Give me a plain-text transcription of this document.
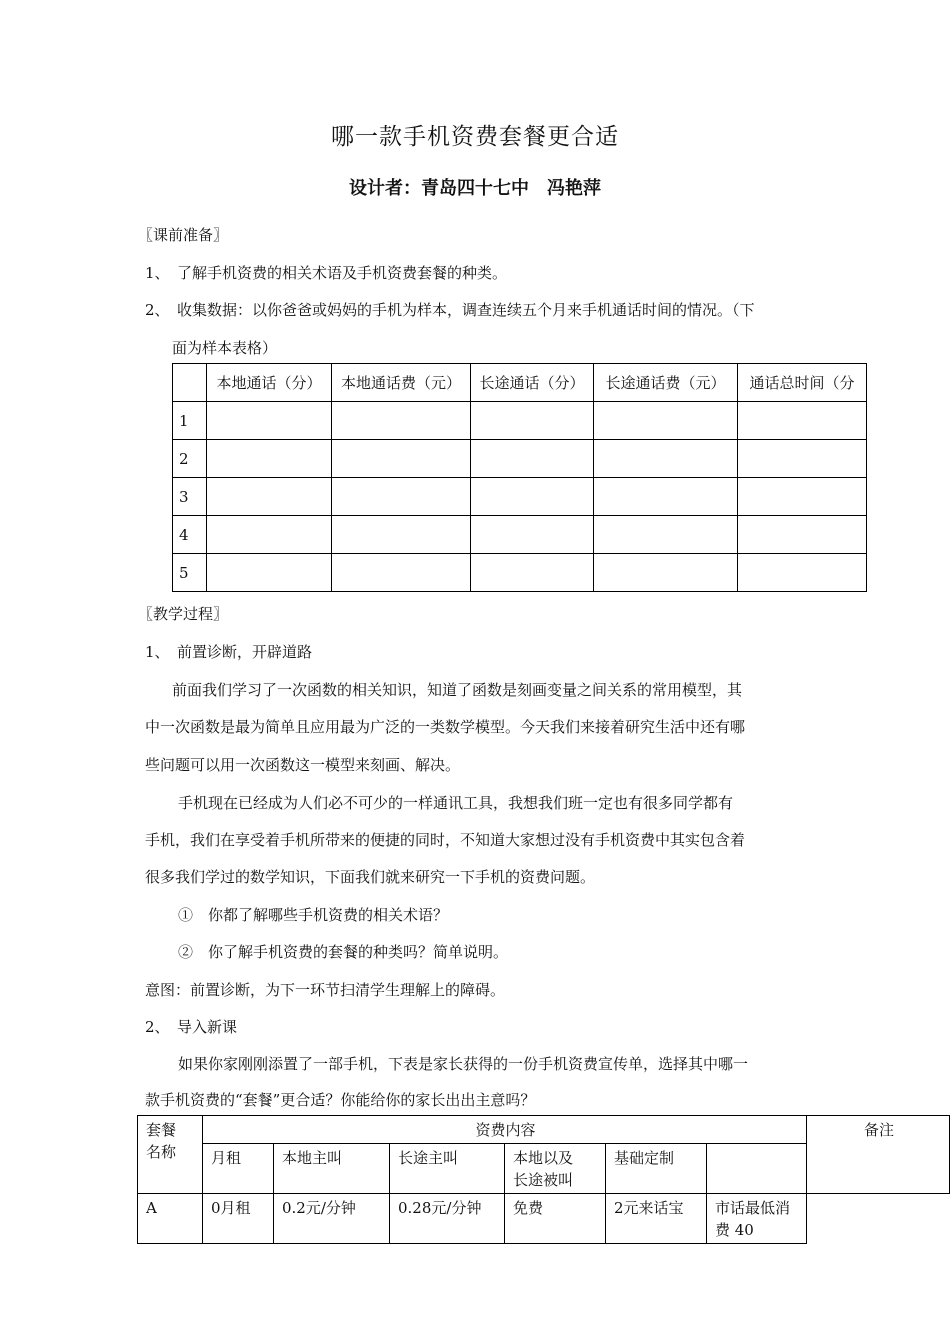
哪一款手机资费套餐更合适
设计者：青岛四十七中　冯艳萍
〖课前准备〗
1、　了解手机资费的相关术语及手机资费套餐的种类。
2、　收集数据：以你爸爸或妈妈的手机为样本，调查连续五个月来手机通话时间的情况。（下
面为样本表格）
	本地通话（分）	本地通话费（元）	长途通话（分）	长途通话费（元）	通话总时间（分
1					
2					
3					
4					
5					
〖教学过程〗
1、　前置诊断，开辟道路
前面我们学习了一次函数的相关知识，知道了函数是刻画变量之间关系的常用模型，其
中一次函数是最为简单且应用最为广泛的一类数学模型。今天我们来接着研究生活中还有哪
些问题可以用一次函数这一模型来刻画、解决。
手机现在已经成为人们必不可少的一样通讯工具，我想我们班一定也有很多同学都有
手机，我们在享受着手机所带来的便捷的同时，不知道大家想过没有手机资费中其实包含着
很多我们学过的数学知识，下面我们就来研究一下手机的资费问题。
①　你都了解哪些手机资费的相关术语？
②　你了解手机资费的套餐的种类吗？简单说明。
意图：前置诊断，为下一环节扫清学生理解上的障碍。
2、　导入新课
如果你家刚刚添置了一部手机，下表是家长获得的一份手机资费宣传单，选择其中哪一
款手机资费的“套餐”更合适？你能给你的家长出出主意吗？
套餐
名称	资费内容						备注
	月租	本地主叫	长途主叫	本地以及
长途被叫	基础定制		
A	0月租	0.2元/分钟	0.28元/分钟	免费	2元来话宝	市话最低消费 40	
